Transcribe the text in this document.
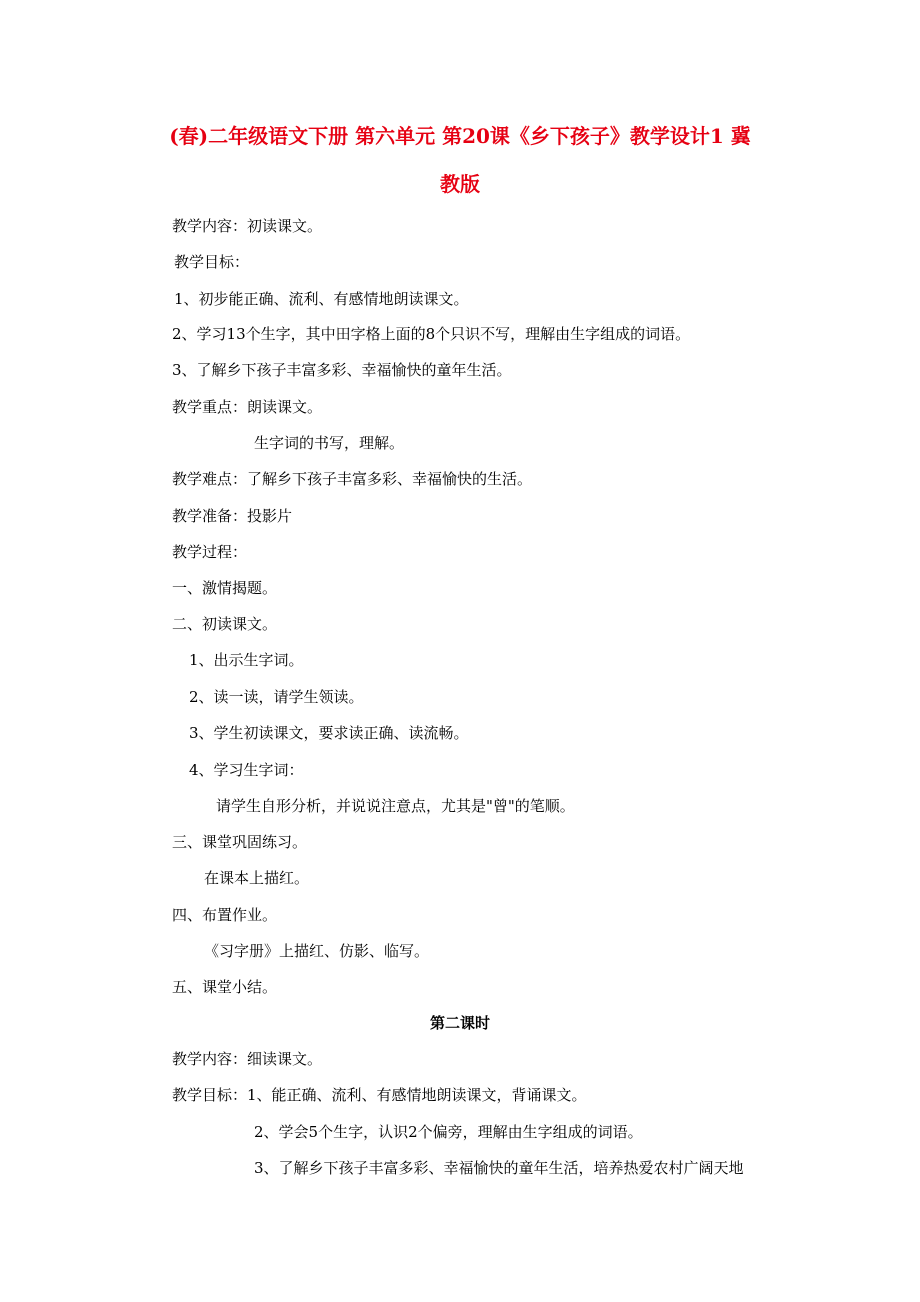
(春)二年级语文下册 第六单元 第20课《乡下孩子》教学设计1 冀
教版
教学内容：初读课文。
教学目标：
1、初步能正确、流利、有感情地朗读课文。
2、学习13个生字，其中田字格上面的8个只识不写，理解由生字组成的词语。
3、了解乡下孩子丰富多彩、幸福愉快的童年生活。
教学重点：朗读课文。
生字词的书写，理解。
教学难点：了解乡下孩子丰富多彩、幸福愉快的生活。
教学准备：投影片
教学过程：
一、激情揭题。
二、初读课文。
1、出示生字词。
2、读一读，请学生领读。
3、学生初读课文，要求读正确、读流畅。
4、学习生字词：
请学生自形分析，并说说注意点，尤其是"曾"的笔顺。
三、课堂巩固练习。
在课本上描红。
四、布置作业。
《习字册》上描红、仿影、临写。
五、课堂小结。
第二课时
教学内容：细读课文。
教学目标：1、能正确、流利、有感情地朗读课文，背诵课文。
2、学会5个生字，认识2个偏旁，理解由生字组成的词语。
3、了解乡下孩子丰富多彩、幸福愉快的童年生活，培养热爱农村广阔天地
